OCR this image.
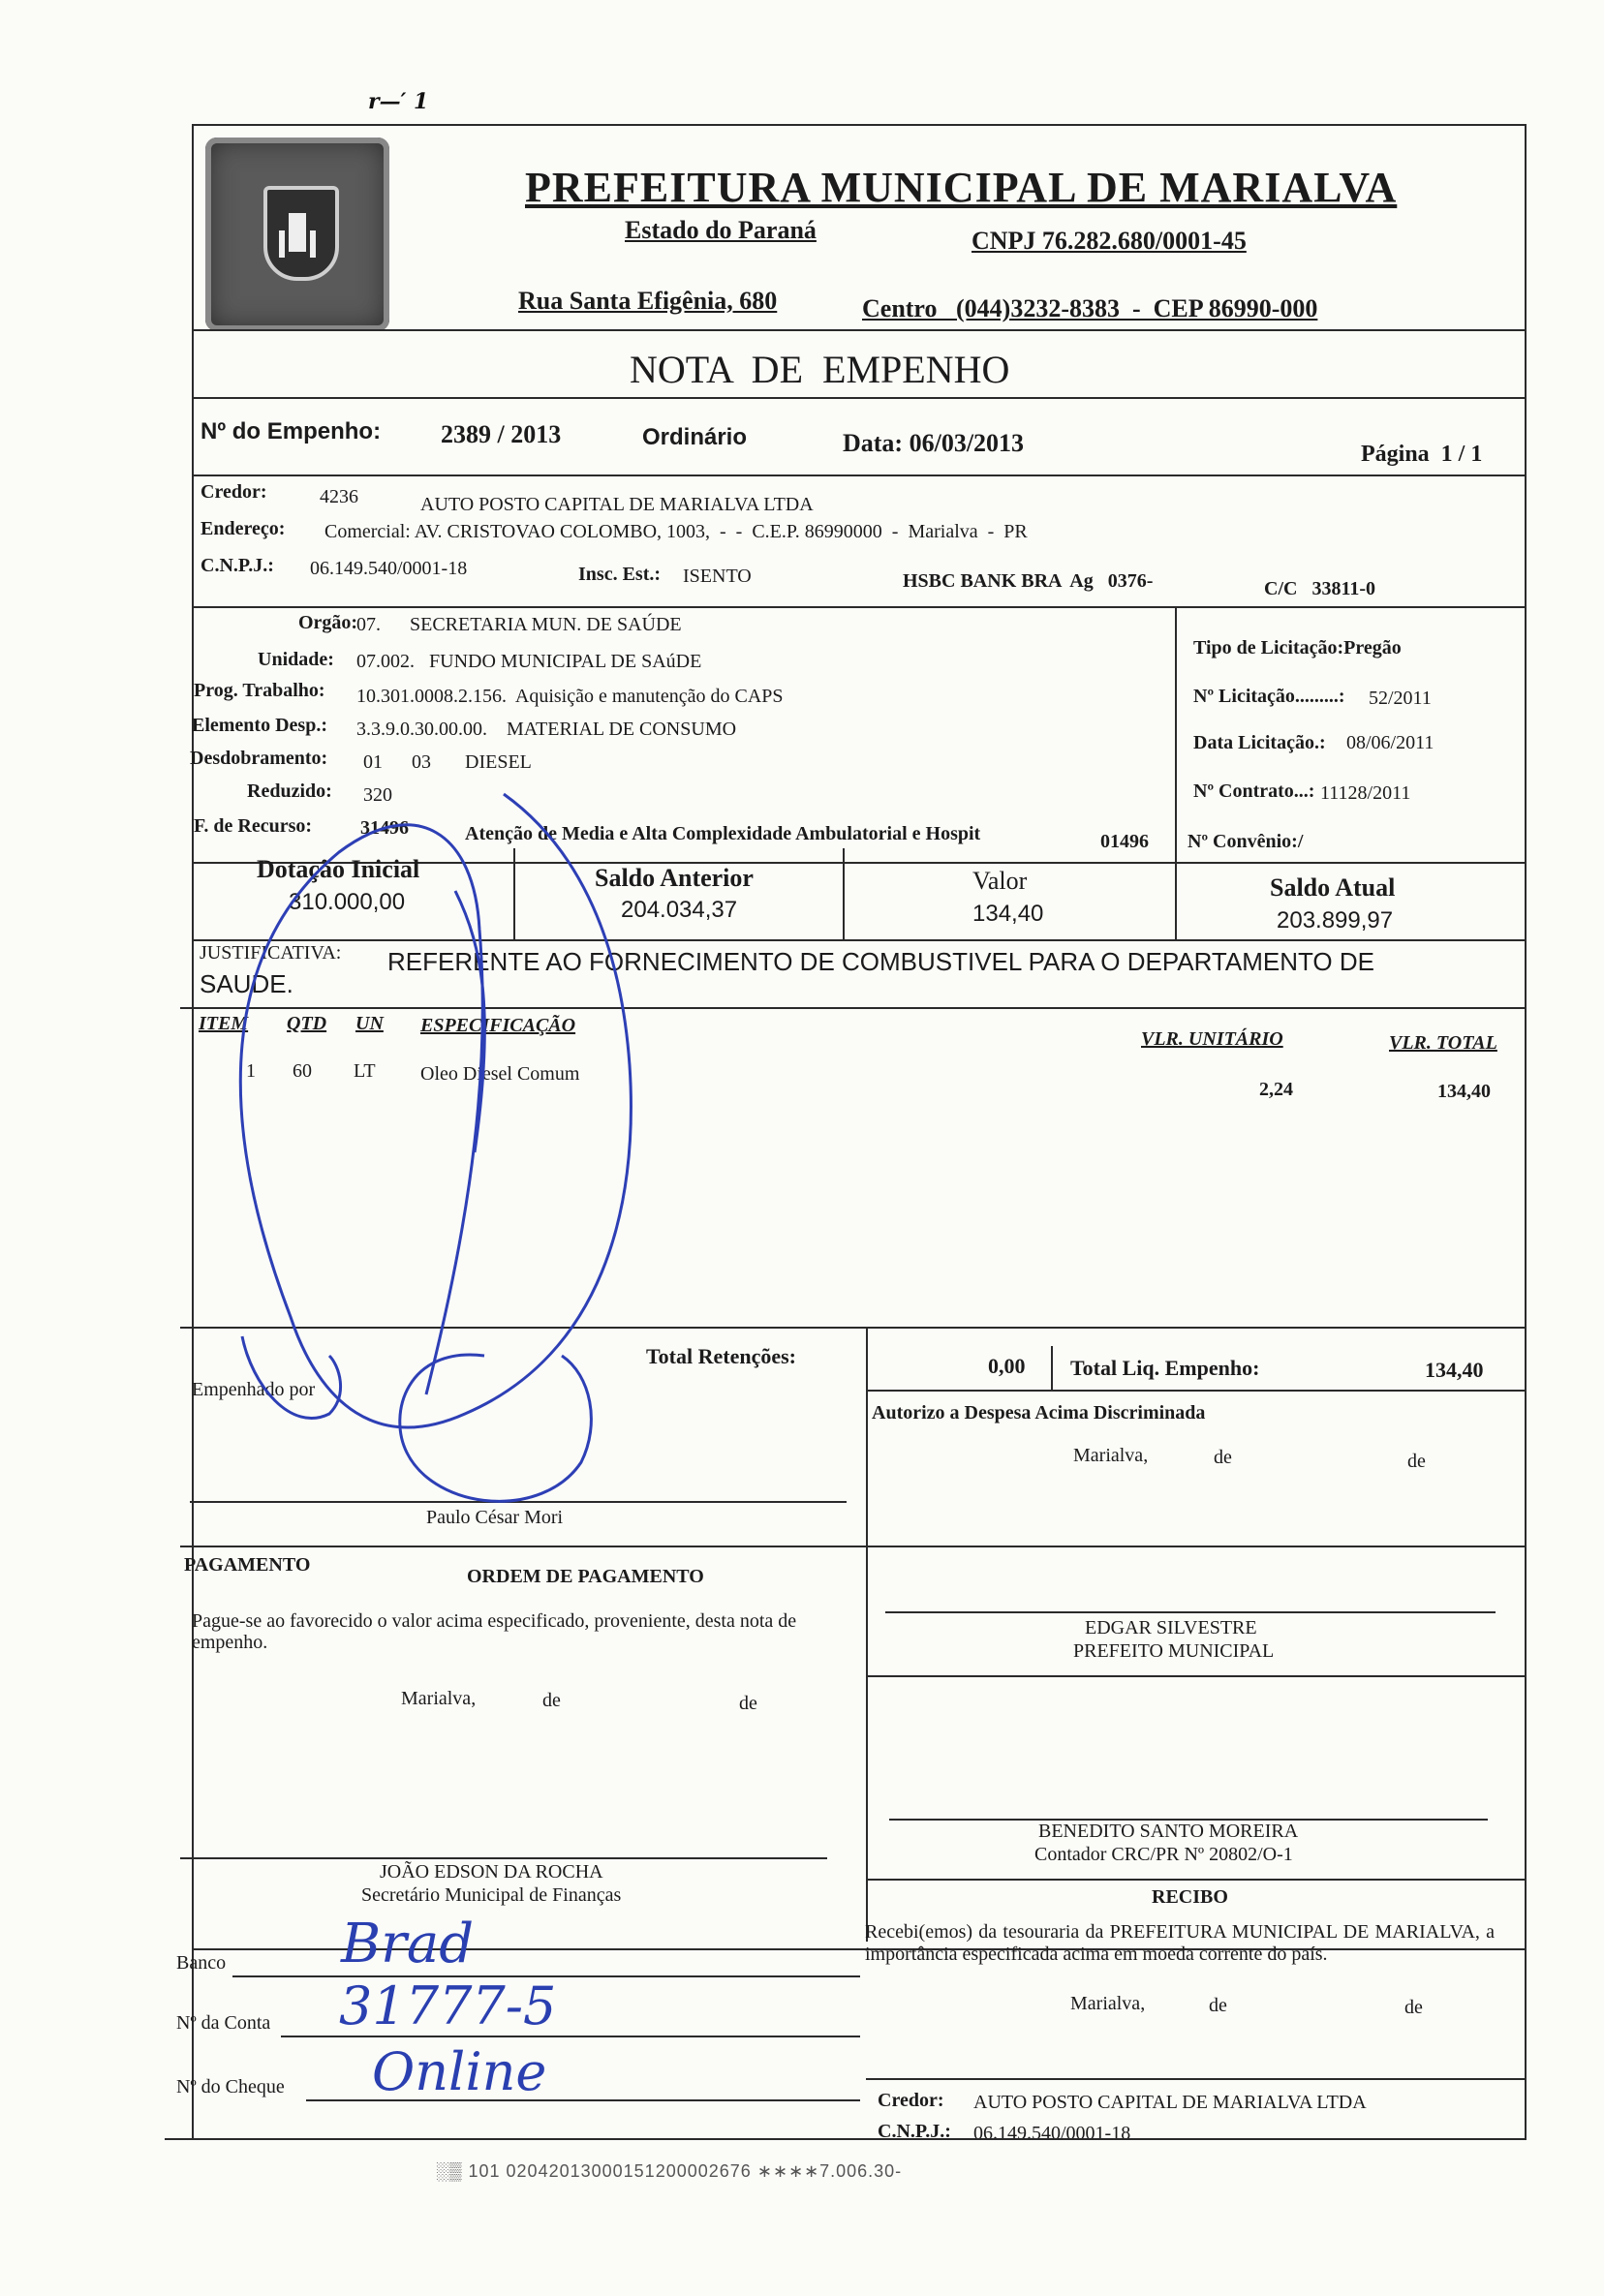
r—′ 1
PREFEITURA MUNICIPAL DE MARIALVA
Estado do Paraná	CNPJ 76.282.680/0001-45
Rua Santa Efigênia, 680	Centro   (044)3232-8383  -  CEP 86990-000
NOTA  DE  EMPENHO
Nº do Empenho: 2389 / 2013	Ordinário	Data: 06/03/2013	Página  1 / 1
Credor:	4236	AUTO POSTO CAPITAL DE MARIALVA LTDA
Endereço: Comercial: AV. CRISTOVAO COLOMBO, 1003,  -  -  C.E.P. 86990000  -  Marialva  -  PR
C.N.P.J.: 06.149.540/0001-18	Insc. Est.: ISENTO	HSBC BANK BRA  Ag   0376-	C/C   33811-0
Orgão:
07.      SECRETARIA MUN. DE SAÚDE
Unidade: 07.002.   FUNDO MUNICIPAL DE SAúDE
Prog. Trabalho: 10.301.0008.2.156.  Aquisição e manutenção do CAPS
Elemento Desp.: 3.3.9.0.30.00.00.    MATERIAL DE CONSUMO
Desdobramento: 01      03       DIESEL
Reduzido: 320
F. de Recurso: 31496	Atenção de Media e Alta Complexidade Ambulatorial e Hospit	01496
Tipo de Licitação:Pregão
Nº Licitação.........: 52/2011
Data Licitação.: 08/06/2011
Nº Contrato...: 11128/2011
Nº Convênio:/
Dotação Inicial
310.000,00
Saldo Anterior
204.034,37
Valor
134,40
Saldo Atual
203.899,97
JUSTIFICATIVA: REFERENTE AO FORNECIMENTO DE COMBUSTIVEL PARA O DEPARTAMENTO DE
SAUDE.
ITEM QTD UN ESPECIFICAÇÃO
VLR. UNITÁRIO	VLR. TOTAL
1 60 LT Oleo Diesel Comum
2,24	134,40
Total Retenções:	0,00 Total Liq. Empenho:	134,40
Empenhado por
Paulo César Mori
Autorizo a Despesa Acima Discriminada
Marialva,	de	de
EDGAR SILVESTRE
PREFEITO MUNICIPAL
PAGAMENTO
ORDEM DE PAGAMENTO
Pague-se ao favorecido o valor acima especificado, proveniente, desta nota de empenho.
Marialva,	de	de
JOÃO EDSON DA ROCHA
Secretário Municipal de Finanças
BENEDITO SANTO MOREIRA
Contador CRC/PR Nº 20802/O-1
Banco Brad
Nº da Conta 31777-5
Nº do Cheque Online
RECIBO
Recebi(emos) da tesouraria da PREFEITURA MUNICIPAL DE MARIALVA, a importância especificada acima em moeda corrente do país.
Marialva,	de	de
Credor: AUTO POSTO CAPITAL DE MARIALVA LTDA
C.N.P.J.: 06.149.540/0001-18
░▒ 101 02042013000151200002676 ∗∗∗∗7.006.30-
